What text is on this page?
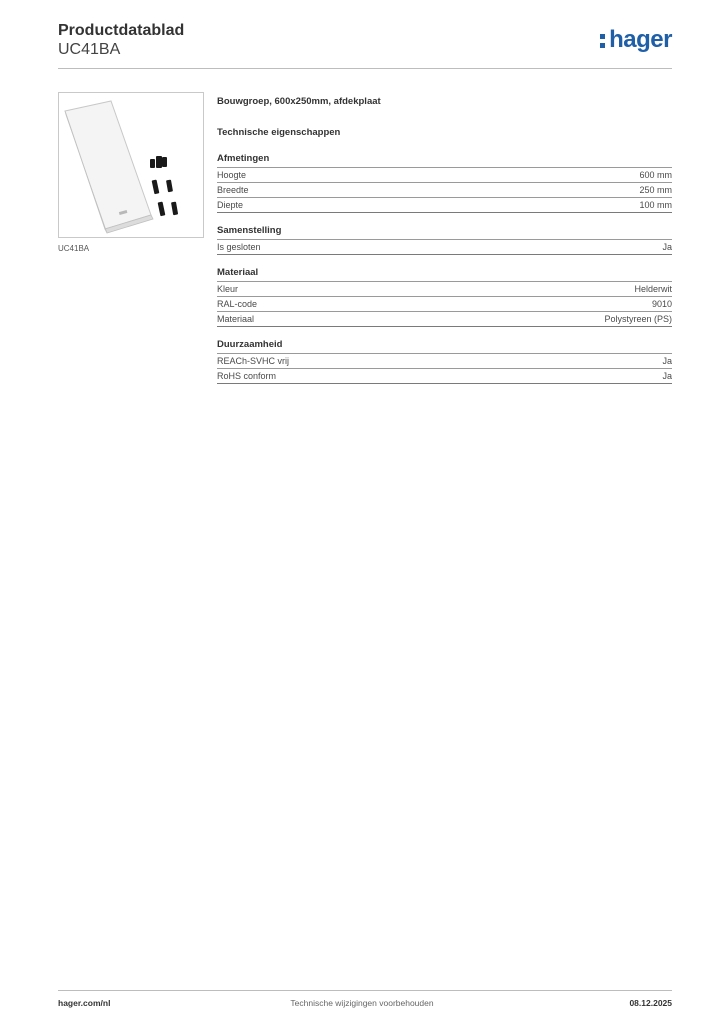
Productdatablad
UC41BA	hager
UC41BA
Bouwgroep, 600x250mm, afdekplaat
Technische eigenschappen
Afmetingen
Hoogte	600 mm
Breedte	250 mm
Diepte	100 mm
Samenstelling
Is gesloten	Ja
Materiaal
Kleur	Helderwit
RAL-code	9010
Materiaal	Polystyreen (PS)
Duurzaamheid
REACh-SVHC vrij	Ja
RoHS conform	Ja
hager.com/nl	Technische wijzigingen voorbehouden	08.12.2025
